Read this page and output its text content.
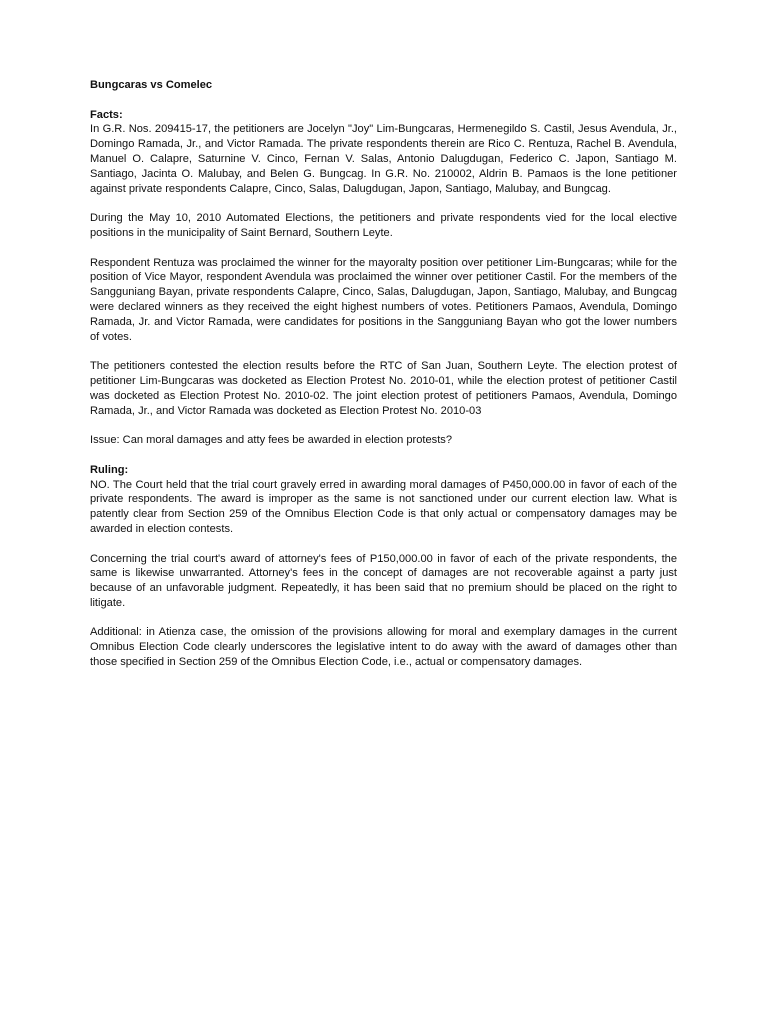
Bungcaras vs Comelec

Facts:

In G.R. Nos. 209415-17, the petitioners are Jocelyn "Joy" Lim-Bungcaras, Hermenegildo S. Castil, Jesus Avendula, Jr., Domingo Ramada, Jr., and Victor Ramada. The private respondents therein are Rico C. Rentuza, Rachel B. Avendula, Manuel O. Calapre, Saturnine V. Cinco, Fernan V. Salas, Antonio Dalugdugan, Federico C. Japon, Santiago M. Santiago, Jacinta O. Malubay, and Belen G. Bungcag. In G.R. No. 210002, Aldrin B. Pamaos is the lone petitioner against private respondents Calapre, Cinco, Salas, Dalugdugan, Japon, Santiago, Malubay, and Bungcag.

During the May 10, 2010 Automated Elections, the petitioners and private respondents vied for the local elective positions in the municipality of Saint Bernard, Southern Leyte.

Respondent Rentuza was proclaimed the winner for the mayoralty position over petitioner Lim-Bungcaras; while for the position of Vice Mayor, respondent Avendula was proclaimed the winner over petitioner Castil. For the members of the Sangguniang Bayan, private respondents Calapre, Cinco, Salas, Dalugdugan, Japon, Santiago, Malubay, and Bungcag were declared winners as they received the eight highest numbers of votes. Petitioners Pamaos, Avendula, Domingo Ramada, Jr. and Victor Ramada, were candidates for positions in the Sangguniang Bayan who got the lower numbers of votes.

The petitioners contested the election results before the RTC of San Juan, Southern Leyte. The election protest of petitioner Lim-Bungcaras was docketed as Election Protest No. 2010-01, while the election protest of petitioner Castil was docketed as Election Protest No. 2010-02. The joint election protest of petitioners Pamaos, Avendula, Domingo Ramada, Jr., and Victor Ramada was docketed as Election Protest No. 2010-03

Issue: Can moral damages and atty fees be awarded in election protests?

Ruling:

NO. The Court held that the trial court gravely erred in awarding moral damages of P450,000.00 in favor of each of the private respondents. The award is improper as the same is not sanctioned under our current election law. What is patently clear from Section 259 of the Omnibus Election Code is that only actual or compensatory damages may be awarded in election contests.

Concerning the trial court's award of attorney's fees of P150,000.00 in favor of each of the private respondents, the same is likewise unwarranted. Attorney's fees in the concept of damages are not recoverable against a party just because of an unfavorable judgment. Repeatedly, it has been said that no premium should be placed on the right to litigate.

Additional: in Atienza case, the omission of the provisions allowing for moral and exemplary damages in the current Omnibus Election Code clearly underscores the legislative intent to do away with the award of damages other than those specified in Section 259 of the Omnibus Election Code, i.e., actual or compensatory damages.
